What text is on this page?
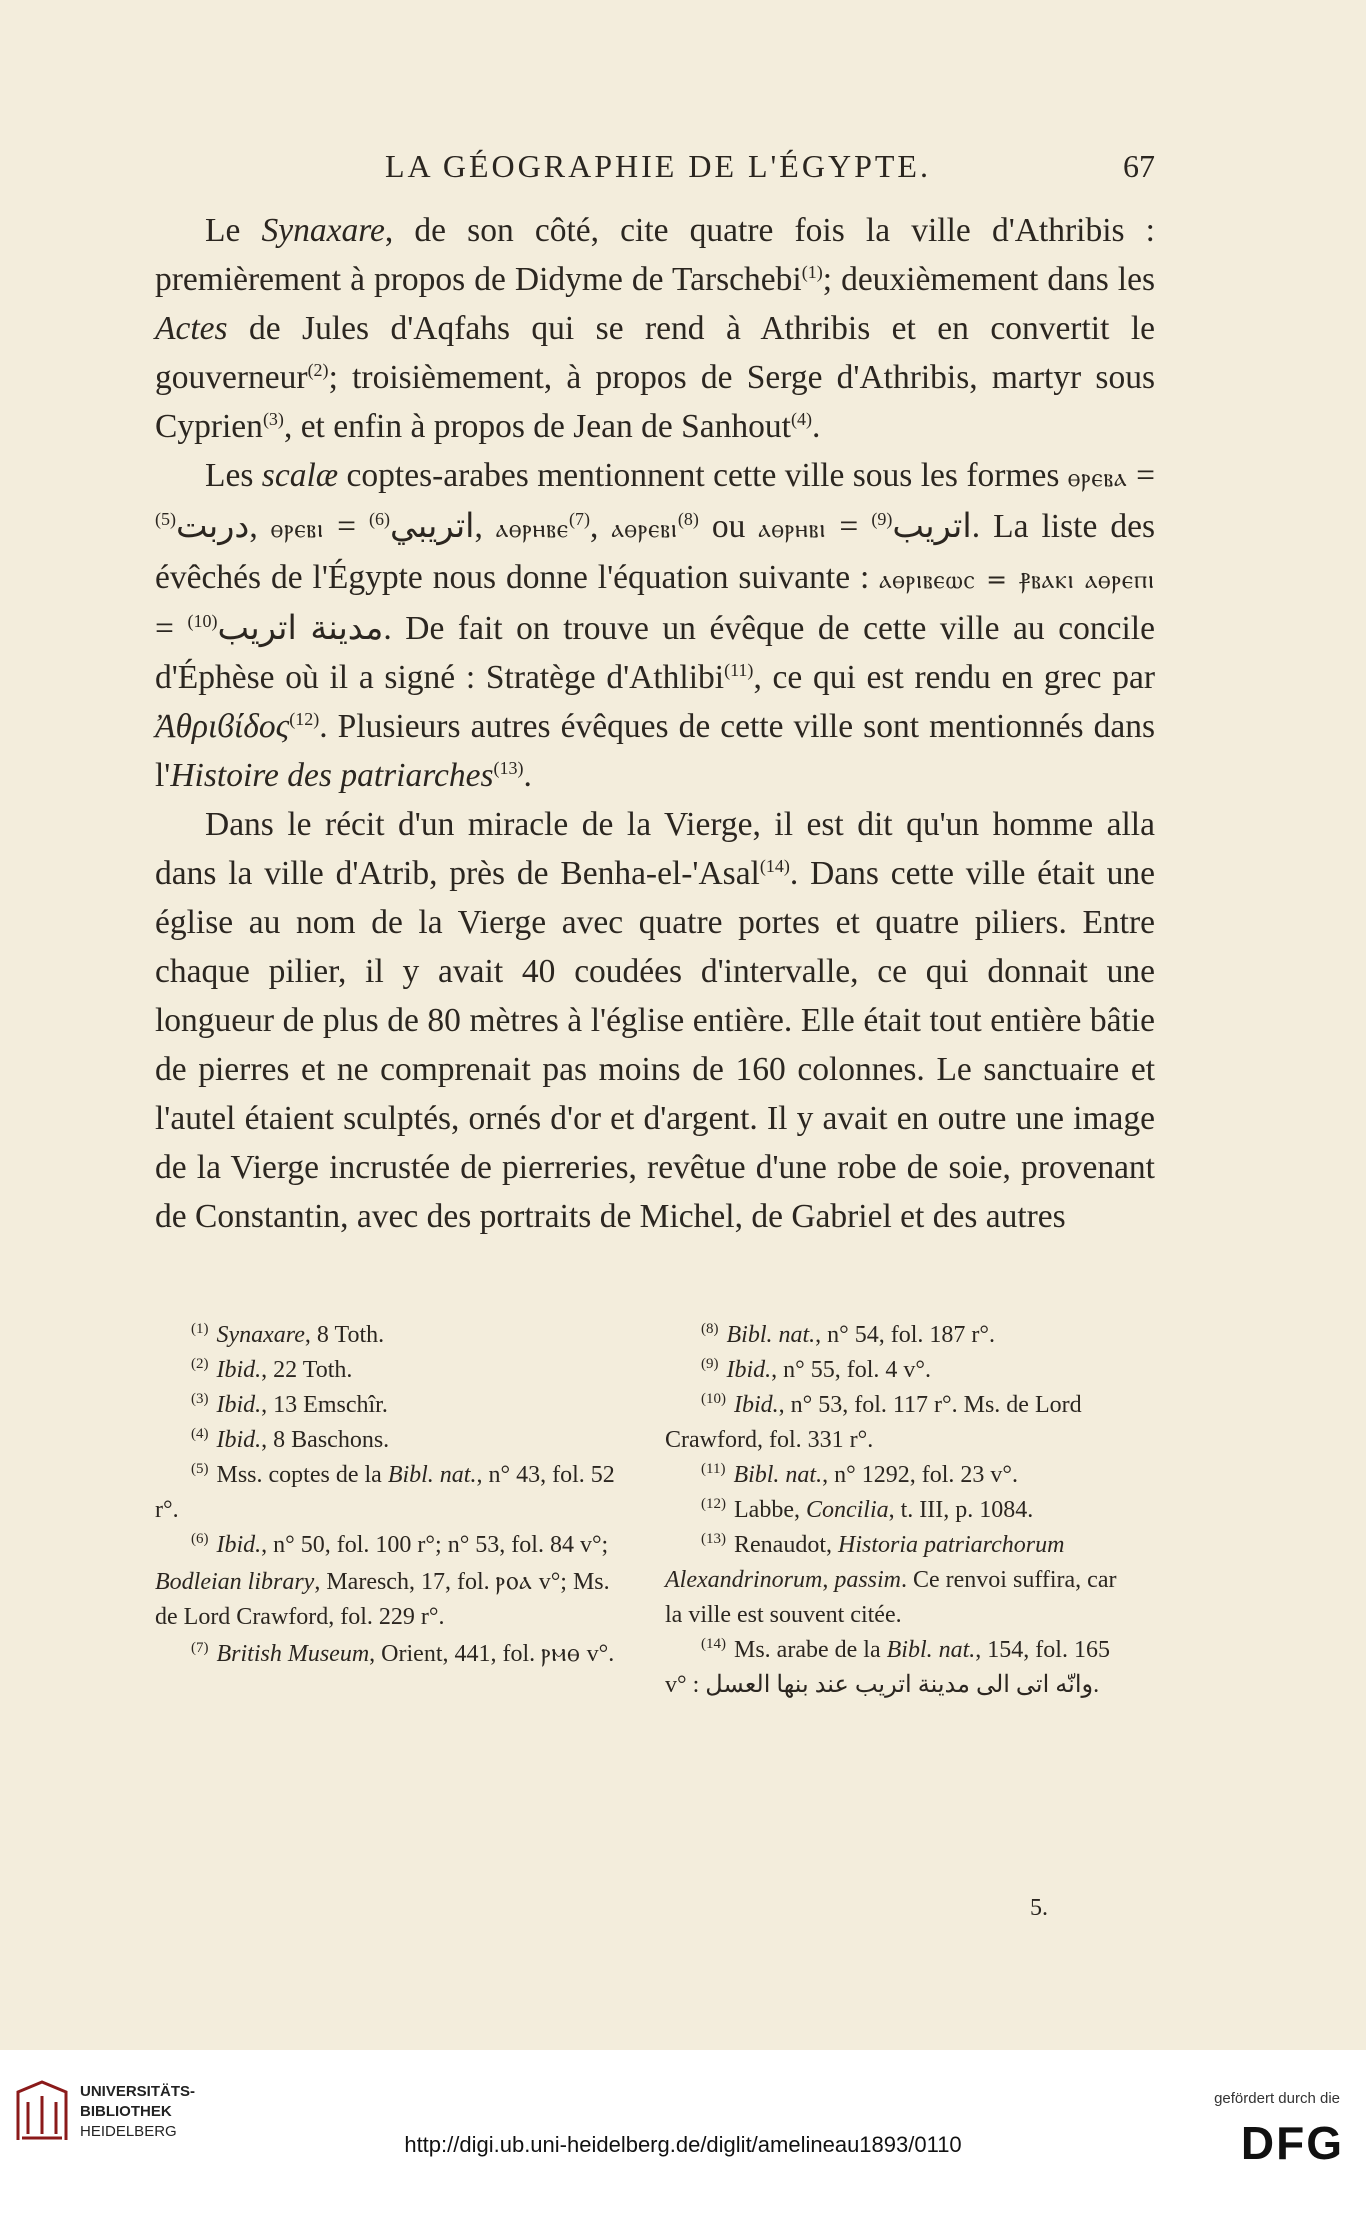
LA GÉOGRAPHIE DE L'ÉGYPTE.	67

Le Synaxare, de son côté, cite quatre fois la ville d'Athribis : premièrement à propos de Didyme de Tarschebi$^{(1)}$; deuxièmement dans les Actes de Jules d'Aqfahs qui se rend à Athribis et en convertit le gouverneur$^{(2)}$; troisièmement, à propos de Serge d'Athribis, martyr sous Cyprien$^{(3)}$, et enfin à propos de Jean de Sanhout$^{(4)}$.

Les scalæ coptes-arabes mentionnent cette ville sous les formes ⲑⲣⲉⲃⲁ = دربت$^{(5)}$ , ⲑⲣⲉⲃⲓ = اتريبي$^{(6)}$	, ⲁⲑⲣⲏⲃⲉ$^{(7)}$, ⲁⲑⲣⲉⲃⲓ$^{(8)}$ ou ⲁⲑⲣⲏⲃⲓ = اتريب$^{(9)}$ . La liste des évêchés de l'Égypte nous donne l'équation suivante : ⲁⲑⲣⲓⲃⲉⲱⲥ = ⳁⲃⲁⲕⲓ ⲁⲑⲣⲉⲡⲓ = مدينة اتريب$^{(10)}$	. De fait on trouve un évêque de cette ville au concile d'Éphèse où il a signé : Stratège d'Athlibi$^{(11)}$, ce qui est rendu en grec par Ἀθριϐίδος$^{(12)}$. Plusieurs autres évêques de cette ville sont mentionnés dans l'Histoire des patriarches$^{(13)}$.

Dans le récit d'un miracle de la Vierge, il est dit qu'un homme alla dans la ville d'Atrib, près de Benha-el-'Asal$^{(14)}$. Dans cette ville était une église au nom de la Vierge avec quatre portes et quatre piliers. Entre chaque pilier, il y avait 40 coudées d'intervalle, ce qui donnait une longueur de plus de 80 mètres à l'église entière. Elle était tout entière bâtie de pierres et ne comprenait pas moins de 160 colonnes. Le sanctuaire et l'autel étaient sculptés, ornés d'or et d'argent. Il y avait en outre une image de la Vierge incrustée de pierreries, revêtue d'une robe de soie, provenant de Constantin, avec des portraits de Michel, de Gabriel et des autres

$^{(1)}$ Synaxare, 8 Toth.
$^{(2)}$ Ibid., 22 Toth.
$^{(3)}$ Ibid., 13 Emschîr.
$^{(4)}$ Ibid., 8 Baschons.
$^{(5)}$ Mss. coptes de la Bibl. nat., n° 43, fol. 52 r°.
$^{(6)}$ Ibid., n° 50, fol. 100 r°; n° 53, fol. 84 v°; Bodleian library, Maresch, 17, fol. ⲣⲟⲁ v°; Ms. de Lord Crawford, fol. 229 r°.
$^{(7)}$ British Museum, Orient, 441, fol. ⲣⲙⲑ v°.
$^{(8)}$ Bibl. nat., n° 54, fol. 187 r°.
$^{(9)}$ Ibid., n° 55, fol. 4 v°.
$^{(10)}$ Ibid., n° 53, fol. 117 r°. Ms. de Lord Crawford, fol. 331 r°.
$^{(11)}$ Bibl. nat., n° 1292, fol. 23 v°.
$^{(12)}$ Labbe, Concilia, t. III, p. 1084.
$^{(13)}$ Renaudot, Historia patriarchorum Alexandrinorum, passim. Ce renvoi suffira, car la ville est souvent citée.
$^{(14)}$ Ms. arabe de la Bibl. nat., 154, fol. 165 v° : وانّه اتى الى مدينة اتريب عند بنها العسل.
5.
UNIVERSITÄTS-
BIBLIOTHEK
HEIDELBERG
http://digi.ub.uni-heidelberg.de/diglit/amelineau1893/0110
gefördert durch die
DFG
